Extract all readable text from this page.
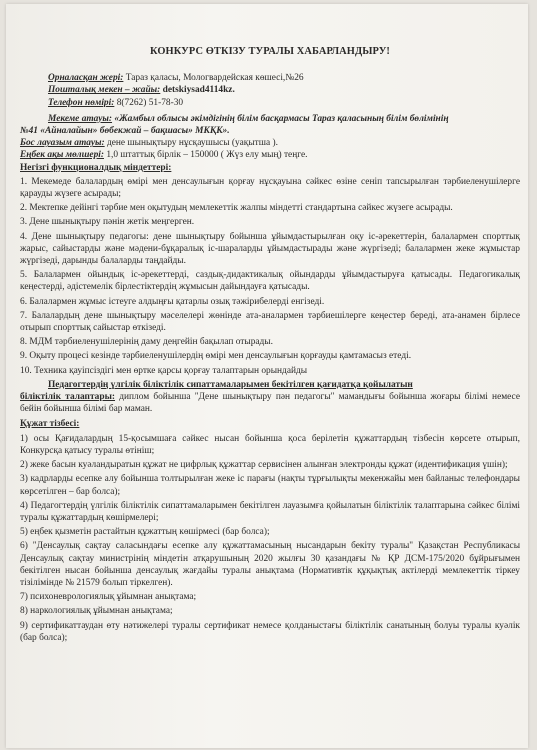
КОНКУРС ӨТКІЗУ ТУРАЛЫ ХАБАРЛАНДЫРУ!

Орналасқан жері: Тараз қаласы, Мологвардейская көшесі,№26

Пошталық мекен – жайы: detskiysad4114kz.

Телефон нөмірі: 8(7262) 51-78-30

Мекеме атауы: «Жамбыл облысы әкімдігінің білім басқармасы Тараз қаласының білім бөлімінің

№41 «Айналайын» бөбекжай – бақшасы» МКҚК».

Бос лауазым атауы: дене шынықтыру нұсқаушысы (уақытша ).

Еңбек ақы мөлшері: 1,0 штаттық бірлік – 150000 ( Жүз елу мың) теңге.

Негізгі функционалдық міндеттері:

1. Мекемеде балалардың өмірі мен денсаулығын қорғау нұсқауына сәйкес өзіне сеніп тапсырылған тәрбиеленушілерге қарауды жүзеге асырады;

2. Мектепке дейінгі тәрбие мен оқытудың мемлекеттік жалпы міндетті стандартына сәйкес жүзеге асырады.

3. Дене шынықтыру пәнін жетік меңгерген.

4. Дене шынықтыру педагогы: дене шынықтыру бойынша ұйымдастырылған оқу іс-әрекеттерін, балалармен спорттық жарыс, сайыстарды және мәдени-бұқаралық іс-шараларды ұйымдастырады және жүргізеді; балалармен жеке жұмыстар жүргізеді, дарынды балаларды таңдайды.

5. Балалармен ойындық іс-әрекеттерді, саздық-дидактикалық ойындарды ұйымдастыруға қатысады. Педагогикалық кеңестерді, әдістемелік бірлестіктердің жұмысын дайындауға қатысады.

6. Балалармен жұмыс істеуге алдыңғы қатарлы озық тәжірибелерді енгізеді.

7. Балалардың дене шынықтыру мәселелері жөнінде ата-аналармен тәрбиешілерге кеңестер береді, ата-анамен бірлесе отырып спорттық сайыстар өткізеді.

8. МДМ тәрбиеленушілерінің даму деңгейін бақылап отырады.

9. Оқыту процесі кезінде тәрбиеленушілердің өмірі мен денсаулығын қорғауды қамтамасыз етеді.

10. Техника қауіпсіздігі мен өртке қарсы қорғау талаптарын орындайды

Педагогтердің үлгілік біліктілік сипаттамаларымен бекітілген қағидатқа қойылатын

біліктілік талаптары: диплом бойынша "Дене шынықтыру пән педагогы" мамандығы бойынша жоғары білімі немесе бейін бойынша білімі бар маман.

Құжат тізбесі:

1) осы Қағидалардың 15-қосымшаға сәйкес нысан бойынша қоса берілетін құжаттардың тізбесін көрсете отырып, Конкурсқа қатысу туралы өтініш;

2) жеке басын куәландыратын құжат не цифрлық құжаттар сервисінен алынған электронды құжат (идентификация үшін);

3) кадрларды есепке алу бойынша толтырылған жеке іс парағы (нақты тұрғылықты мекенжайы мен байланыс телефондары көрсетілген – бар болса);

4) Педагогтердің үлгілік біліктілік сипаттамаларымен бекітілген лауазымға қойылатын біліктілік талаптарына сәйкес білімі туралы құжаттардың көшірмелері;

5) еңбек қызметін растайтын құжаттың көшірмесі (бар болса);

6) "Денсаулық сақтау саласындағы есепке алу құжаттамасының нысандарын бекіту туралы" Қазақстан Республикасы Денсаулық сақтау министрінің міндетін атқарушының 2020 жылғы 30 қазандағы № ҚР ДСМ-175/2020 бұйрығымен бекітілген нысан бойынша денсаулық жағдайы туралы анықтама (Нормативтік құқықтық актілерді мемлекеттік тіркеу тізілімінде № 21579 болып тіркелген).

7) психоневрологиялық ұйымнан анықтама;

8) наркологиялық ұйымнан анықтама;

9) сертификаттаудан өту нәтижелері туралы сертификат немесе қолданыстағы біліктілік санатының болуы туралы куәлік (бар болса);
